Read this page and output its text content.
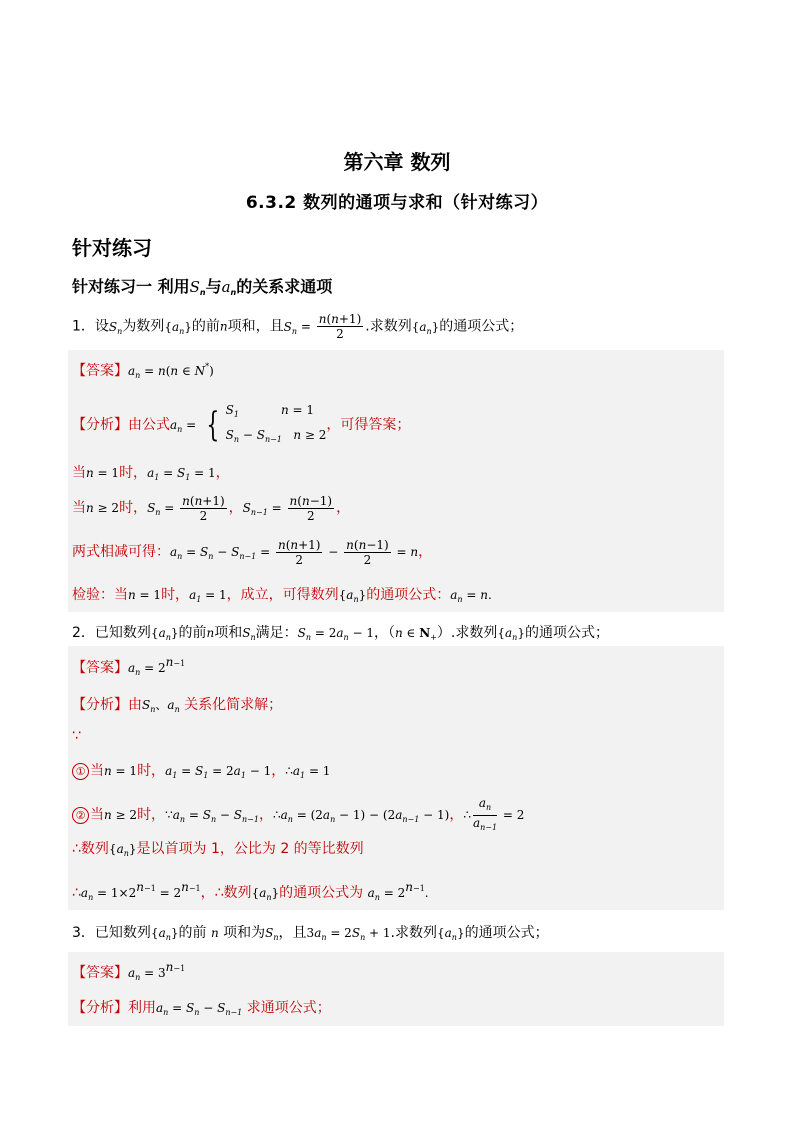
第六章 数列
6.3.2 数列的通项与求和（针对练习）
针对练习
针对练习一 利用$S_n$与$a_n$的关系求通项
1．设$S_n$为数列$\{a_n\}$的前n项和，且$S_n = \frac{n(n+1)}{2}$ .求数列$\{a_n\}$的通项公式；
【答案】$a_n = n(n$ ∈ N*)
【分析】由公式$a_n$ = { $S_1$	n = 1
$S_n - S_{n-1}$ n ≥ 2
，可得答案；
当n = 1时，$a_1 = S_1 = 1$，
当n ≥ 2时，$S_n = \frac{n(n+1)}{2}$ ，$S_{n-1} = \frac{n(n-1)}{2}$ ，
两式相减可得：$a_n = S_n - S_{n-1} = \frac{n(n+1)}{2} - \frac{n(n-1)}{2} = n$，
检验：当n = 1时，$a_1 = 1$，成立，可得数列$\{a_n\}$的通项公式：$a_n = n$.
2．已知数列$\{a_n\}$的前n项和$S_n$满足：$S_n = 2a_n - 1$，（n ∈ $N_+$）.求数列$\{a_n\}$的通项公式；
【答案】$a_n = 2^{n-1}$
【分析】由$S_n$、$a_n$ 关系化简求解；
∵
① 当n = 1时，$a_1 = S_1 = 2a_1 - 1$，$\therefore a_1 = 1$
② 当n ≥ 2时，$\because a_n = S_n - S_{n-1}$，$\therefore a_n = (2a_n - 1) - (2a_{n-1} - 1)$，∴ $\frac{a_n}{a_{n-1}} = 2$
∴数列$\{a_n\}$是以首项为 1，公比为 2 的等比数列
$\therefore a_n = 1\times 2^{n-1} = 2^{n-1}$，∴数列$\{a_n\}$的通项公式为 $a_n = 2^{n-1}$.
3．已知数列$\{a_n\}$的前 n 项和为$S_n$，且$3a_n = 2S_n + 1$.求数列$\{a_n\}$的通项公式；
【答案】$a_n = 3^{n-1}$
【分析】利用$a_n = S_n - S_{n-1}$ 求通项公式；
